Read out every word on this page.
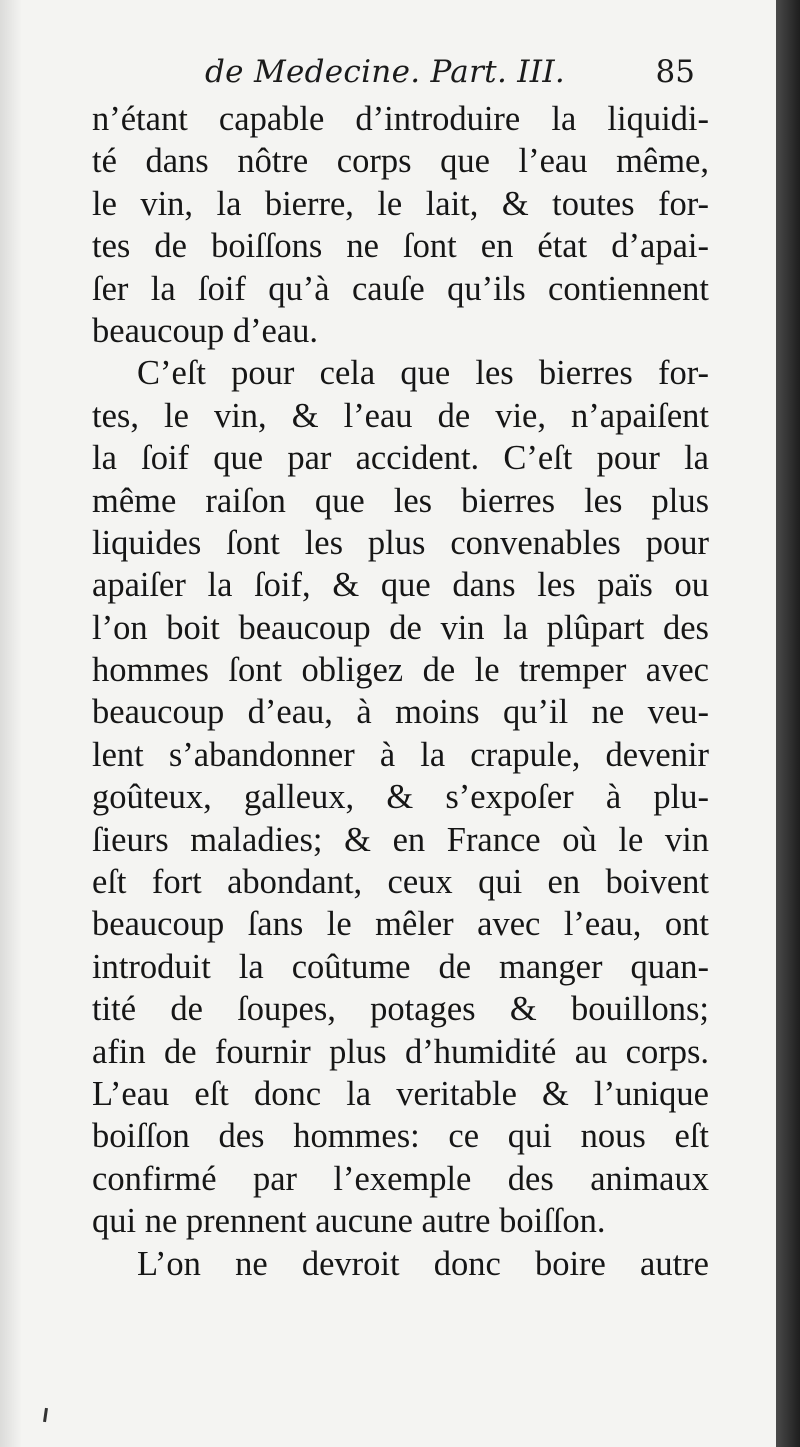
de Medecine. Part. III.	85
n’étant capable d’introduire la liquidi-
té dans nôtre corps que l’eau même,
le vin, la bierre, le lait, & toutes for-
tes de boiſſons ne ſont en état d’apai-
ſer la ſoif qu’à cauſe qu’ils contiennent
beaucoup d’eau.
C’eſt pour cela que les bierres for-
tes, le vin, & l’eau de vie, n’apaiſent
la ſoif que par accident. C’eſt pour la
même raiſon que les bierres les plus
liquides ſont les plus convenables pour
apaiſer la ſoif, & que dans les païs ou
l’on boit beaucoup de vin la plûpart des
hommes ſont obligez de le tremper avec
beaucoup d’eau, à moins qu’il ne veu-
lent s’abandonner à la crapule, devenir
goûteux, galleux, & s’expoſer à plu-
ſieurs maladies; & en France où le vin
eſt fort abondant, ceux qui en boivent
beaucoup ſans le mêler avec l’eau, ont
introduit la coûtume de manger quan-
tité de ſoupes, potages & bouillons;
afin de fournir plus d’humidité au corps.
L’eau eſt donc la veritable & l’unique
boiſſon des hommes: ce qui nous eſt
confirmé par l’exemple des animaux
qui ne prennent aucune autre boiſſon.
L’on ne devroit donc boire autre
